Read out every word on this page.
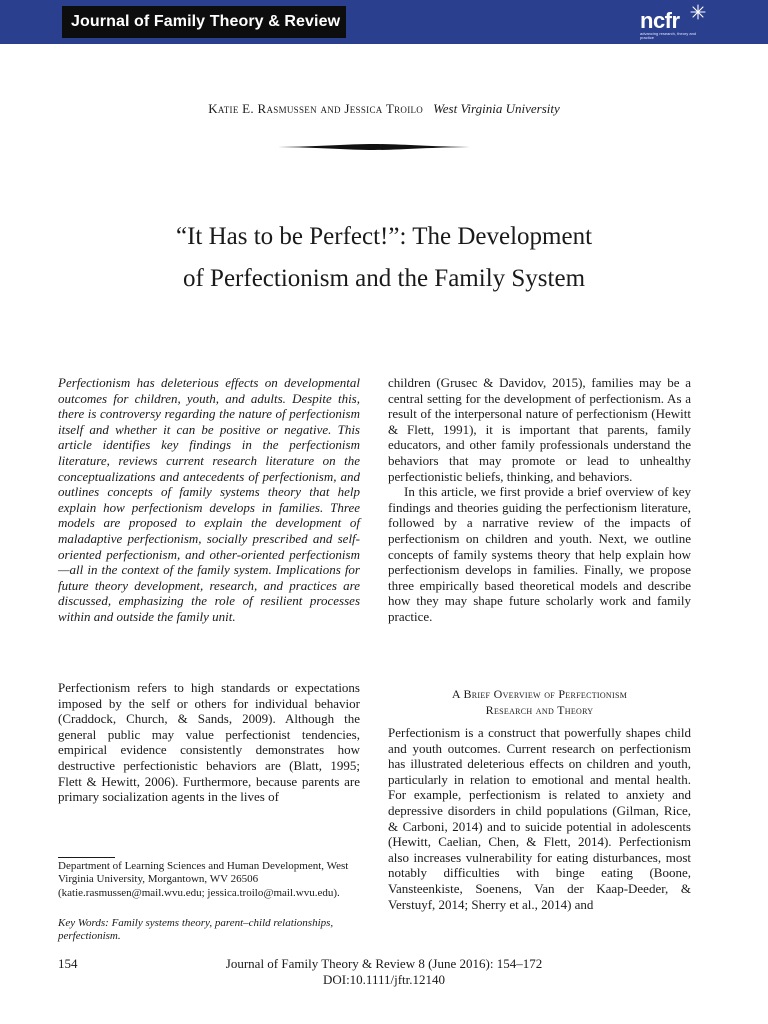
Journal of Family Theory & Review	ncfr
advancing research, theory and practice
Katie E. Rasmussen and Jessica Troilo West Virginia University
“It Has to be Perfect!”: The Development
of Perfectionism and the Family System

Perfectionism has deleterious effects on developmental outcomes for children, youth, and adults. Despite this, there is controversy regarding the nature of perfectionism itself and whether it can be positive or negative. This article identifies key findings in the perfectionism literature, reviews current research literature on the conceptualizations and antecedents of perfectionism, and outlines concepts of family systems theory that help explain how perfectionism develops in families. Three models are proposed to explain the development of maladaptive perfectionism, socially prescribed and self-oriented perfectionism, and other-oriented perfectionism—all in the context of the family system. Implications for future theory development, research, and practices are discussed, emphasizing the role of resilient processes within and outside the family unit.

Perfectionism refers to high standards or expectations imposed by the self or others for individual behavior (Craddock, Church, & Sands, 2009). Although the general public may value perfectionist tendencies, empirical evidence consistently demonstrates how destructive perfectionistic behaviors are (Blatt, 1995; Flett & Hewitt, 2006). Furthermore, because parents are primary socialization agents in the lives of

children (Grusec & Davidov, 2015), families may be a central setting for the development of perfectionism. As a result of the interpersonal nature of perfectionism (Hewitt & Flett, 1991), it is important that parents, family educators, and other family professionals understand the behaviors that may promote or lead to unhealthy perfectionistic beliefs, thinking, and behaviors.

In this article, we first provide a brief overview of key findings and theories guiding the perfectionism literature, followed by a narrative review of the impacts of perfectionism on children and youth. Next, we outline concepts of family systems theory that help explain how perfectionism develops in families. Finally, we propose three empirically based theoretical models and describe how they may shape future scholarly work and family practice.

A Brief Overview of Perfectionism
Research and Theory

Perfectionism is a construct that powerfully shapes child and youth outcomes. Current research on perfectionism has illustrated deleterious effects on children and youth, particularly in relation to emotional and mental health. For example, perfectionism is related to anxiety and depressive disorders in child populations (Gilman, Rice, & Carboni, 2014) and to suicide potential in adolescents (Hewitt, Caelian, Chen, & Flett, 2014). Perfectionism also increases vulnerability for eating disturbances, most notably difficulties with binge eating (Boone, Vansteenkiste, Soenens, Van der Kaap-Deeder, & Verstuyf, 2014; Sherry et al., 2014) and

Department of Learning Sciences and Human Development, West Virginia University, Morgantown, WV 26506 (katie.rasmussen@mail.wvu.edu; jessica.troilo@mail.wvu.edu).

Key Words: Family systems theory, parent–child relationships, perfectionism.

154	Journal of Family Theory & Review 8 (June 2016): 154–172
DOI:10.1111/jftr.12140
